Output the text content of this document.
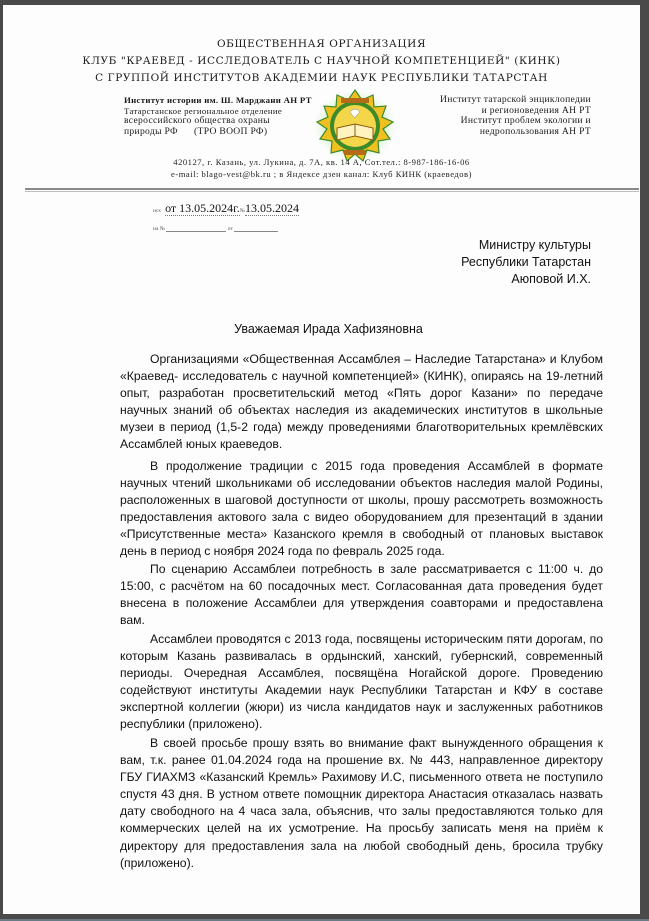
ОБЩЕСТВЕННАЯ ОРГАНИЗАЦИЯ
КЛУБ "КРАЕВЕД - ИССЛЕДОВАТЕЛЬ С НАУЧНОЙ КОМПЕТЕНЦИЕЙ" (КИНК)
С ГРУППОЙ ИНСТИТУТОВ АКАДЕМИИ НАУК РЕСПУБЛИКИ ТАТАРСТАН
Институт истории им. Ш. Марджани АН РТ
Татарстанское региональное отделение
всероссийского общества охраны
природы РФ      (ТРО ВООП РФ)
Институт татарской энциклопедии
и регионоведения АН РТ
Институт проблем экологии и
недропользования АН РТ
420127, г. Казань, ул. Лукина, д. 7А, кв. 14 А, Сот.тел.: 8-987-186-16-06
e-mail: blago-vest@bk.ru ; в Яндексе дзен канал: Клуб КИНК (краеведов)
исх от 13.05.2024г.№13.05.2024
на №	от
Министру культуры
Республики Татарстан
Аюповой И.Х.
Уважаемая Ирада Хафизяновна
Организациями «Общественная Ассамблея – Наследие Татарстана» и Клубом «Краевед- исследователь с научной компетенцией» (КИНК), опираясь на 19-летний опыт, разработан просветительский метод «Пять дорог Казани» по передаче научных знаний об объектах наследия из академических институтов в школьные музеи в период (1,5-2 года) между проведениями благотворительных кремлёвских Ассамблей юных краеведов.
В продолжение традиции с 2015 года проведения Ассамблей в формате научных чтений школьниками об исследовании объектов наследия малой Родины, расположенных в шаговой доступности от школы, прошу рассмотреть возможность предоставления актового зала с видео оборудованием для презентаций в здании «Присутственные места» Казанского кремля в свободный от плановых выставок день в период с ноября 2024 года по февраль 2025 года.
По сценарию Ассамблеи потребность в зале рассматривается с 11:00 ч. до 15:00, с расчётом на 60 посадочных мест. Согласованная дата проведения будет внесена в положение Ассамблеи для утверждения соавторами и предоставлена вам.
Ассамблеи проводятся с 2013 года, посвящены историческим пяти дорогам, по которым Казань развивалась в ордынский, ханский, губернский, современный периоды. Очередная Ассамблея, посвящёна Ногайской дороге. Проведению содействуют институты Академии наук Республики Татарстан и КФУ в составе экспертной коллегии (жюри) из числа кандидатов наук и заслуженных работников республики (приложено).
В своей просьбе прошу взять во внимание факт вынужденного обращения к вам, т.к. ранее 01.04.2024 года на прошение вх. № 443, направленное директору ГБУ ГИАХМЗ «Казанский Кремль» Рахимову И.С, письменного ответа не поступило спустя 43 дня. В устном ответе помощник директора Анастасия отказалась назвать дату свободного на 4 часа зала, объяснив, что залы предоставляются только для коммерческих целей на их усмотрение. На просьбу записать меня на приём к директору для предоставления зала на любой свободный день, бросила трубку (приложено).
